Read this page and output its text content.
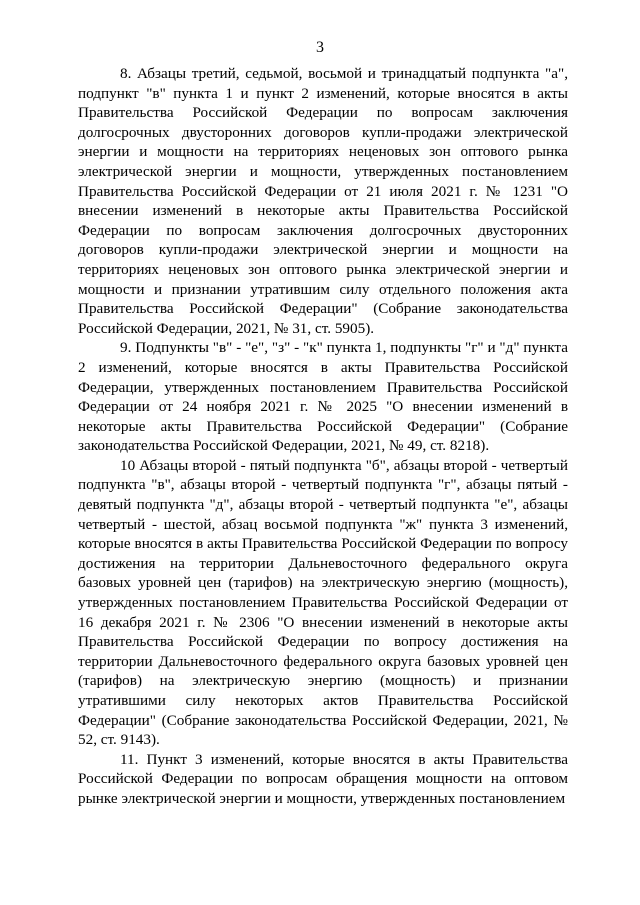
3

8. Абзацы третий, седьмой, восьмой и тринадцатый подпункта "а", подпункт "в" пункта 1 и пункт 2 изменений, которые вносятся в акты Правительства Российской Федерации по вопросам заключения долгосрочных двусторонних договоров купли-продажи электрической энергии и мощности на территориях неценовых зон оптового рынка электрической энергии и мощности, утвержденных постановлением Правительства Российской Федерации от 21 июля 2021 г. № 1231 "О внесении изменений в некоторые акты Правительства Российской Федерации по вопросам заключения долгосрочных двусторонних договоров купли-продажи электрической энергии и мощности на территориях неценовых зон оптового рынка электрической энергии и мощности и признании утратившим силу отдельного положения акта Правительства Российской Федерации" (Собрание законодательства Российской Федерации, 2021, № 31, ст. 5905).

9. Подпункты "в" - "е", "з" - "к" пункта 1, подпункты "г" и "д" пункта 2 изменений, которые вносятся в акты Правительства Российской Федерации, утвержденных постановлением Правительства Российской Федерации от 24 ноября 2021 г. № 2025 "О внесении изменений в некоторые акты Правительства Российской Федерации" (Собрание законодательства Российской Федерации, 2021, № 49, ст. 8218).

10 Абзацы второй - пятый подпункта "б", абзацы второй - четвертый подпункта "в", абзацы второй - четвертый подпункта "г", абзацы пятый - девятый подпункта "д", абзацы второй - четвертый подпункта "е", абзацы четвертый - шестой, абзац восьмой подпункта "ж" пункта 3 изменений, которые вносятся в акты Правительства Российской Федерации по вопросу достижения на территории Дальневосточного федерального округа базовых уровней цен (тарифов) на электрическую энергию (мощность), утвержденных постановлением Правительства Российской Федерации от 16 декабря 2021 г. № 2306 "О внесении изменений в некоторые акты Правительства Российской Федерации по вопросу достижения на территории Дальневосточного федерального округа базовых уровней цен (тарифов) на электрическую энергию (мощность) и признании утратившими силу некоторых актов Правительства Российской Федерации" (Собрание законодательства Российской Федерации, 2021, № 52, ст. 9143).

11. Пункт 3 изменений, которые вносятся в акты Правительства Российской Федерации по вопросам обращения мощности на оптовом рынке электрической энергии и мощности, утвержденных постановлением
